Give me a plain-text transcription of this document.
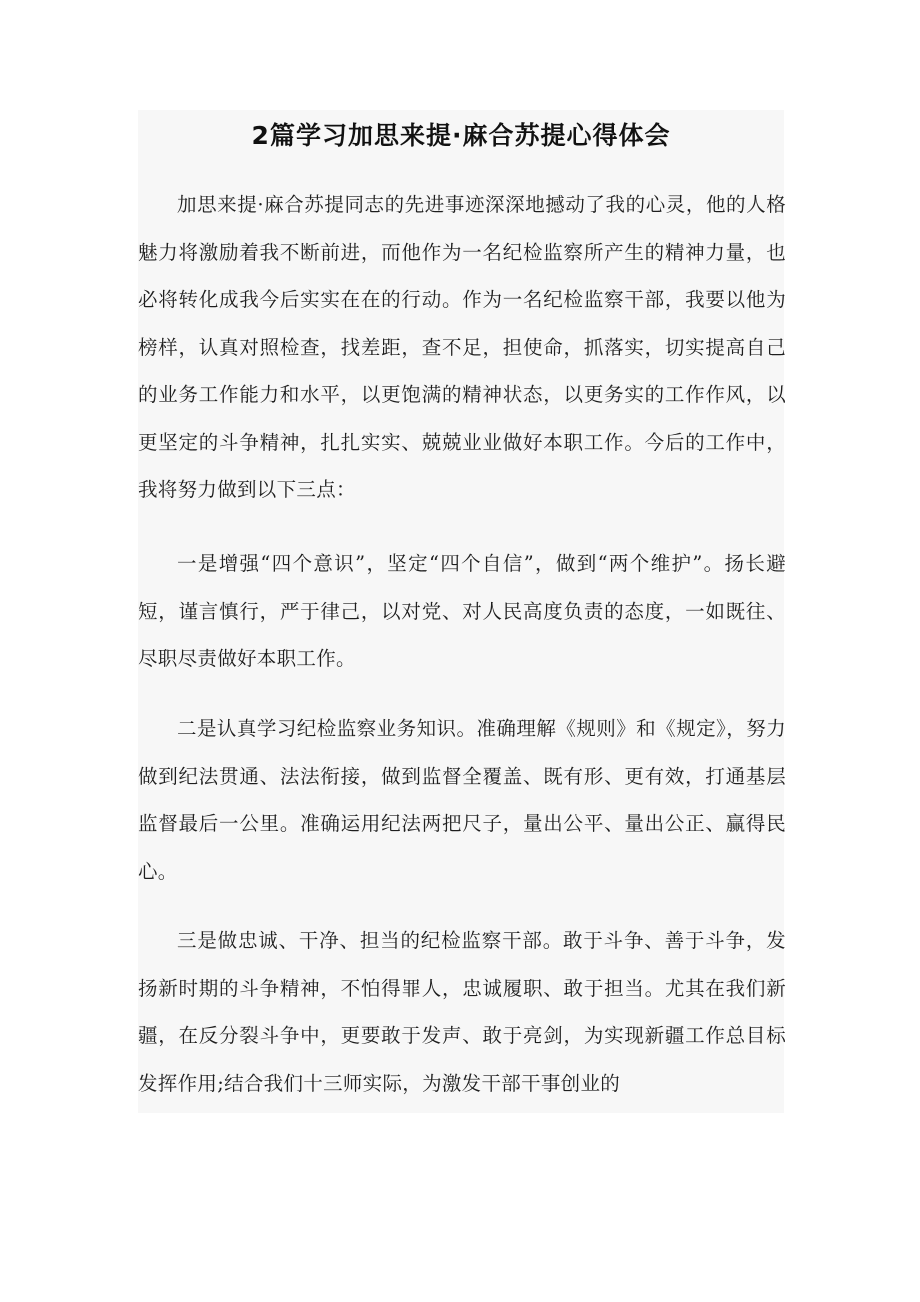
2篇学习加思来提·麻合苏提心得体会

加思来提·麻合苏提同志的先进事迹深深地撼动了我的心灵，他的人格魅力将激励着我不断前进，而他作为一名纪检监察所产生的精神力量，也必将转化成我今后实实在在的行动。作为一名纪检监察干部，我要以他为榜样，认真对照检查，找差距，查不足，担使命，抓落实，切实提高自己的业务工作能力和水平，以更饱满的精神状态，以更务实的工作作风，以更坚定的斗争精神，扎扎实实、兢兢业业做好本职工作。今后的工作中，我将努力做到以下三点：

一是增强“四个意识”，坚定“四个自信”，做到“两个维护”。扬长避短，谨言慎行，严于律己，以对党、对人民高度负责的态度，一如既往、尽职尽责做好本职工作。

二是认真学习纪检监察业务知识。准确理解《规则》和《规定》，努力做到纪法贯通、法法衔接，做到监督全覆盖、既有形、更有效，打通基层监督最后一公里。准确运用纪法两把尺子，量出公平、量出公正、赢得民心。

三是做忠诚、干净、担当的纪检监察干部。敢于斗争、善于斗争，发扬新时期的斗争精神，不怕得罪人，忠诚履职、敢于担当。尤其在我们新疆，在反分裂斗争中，更要敢于发声、敢于亮剑，为实现新疆工作总目标发挥作用;结合我们十三师实际，为激发干部干事创业的
